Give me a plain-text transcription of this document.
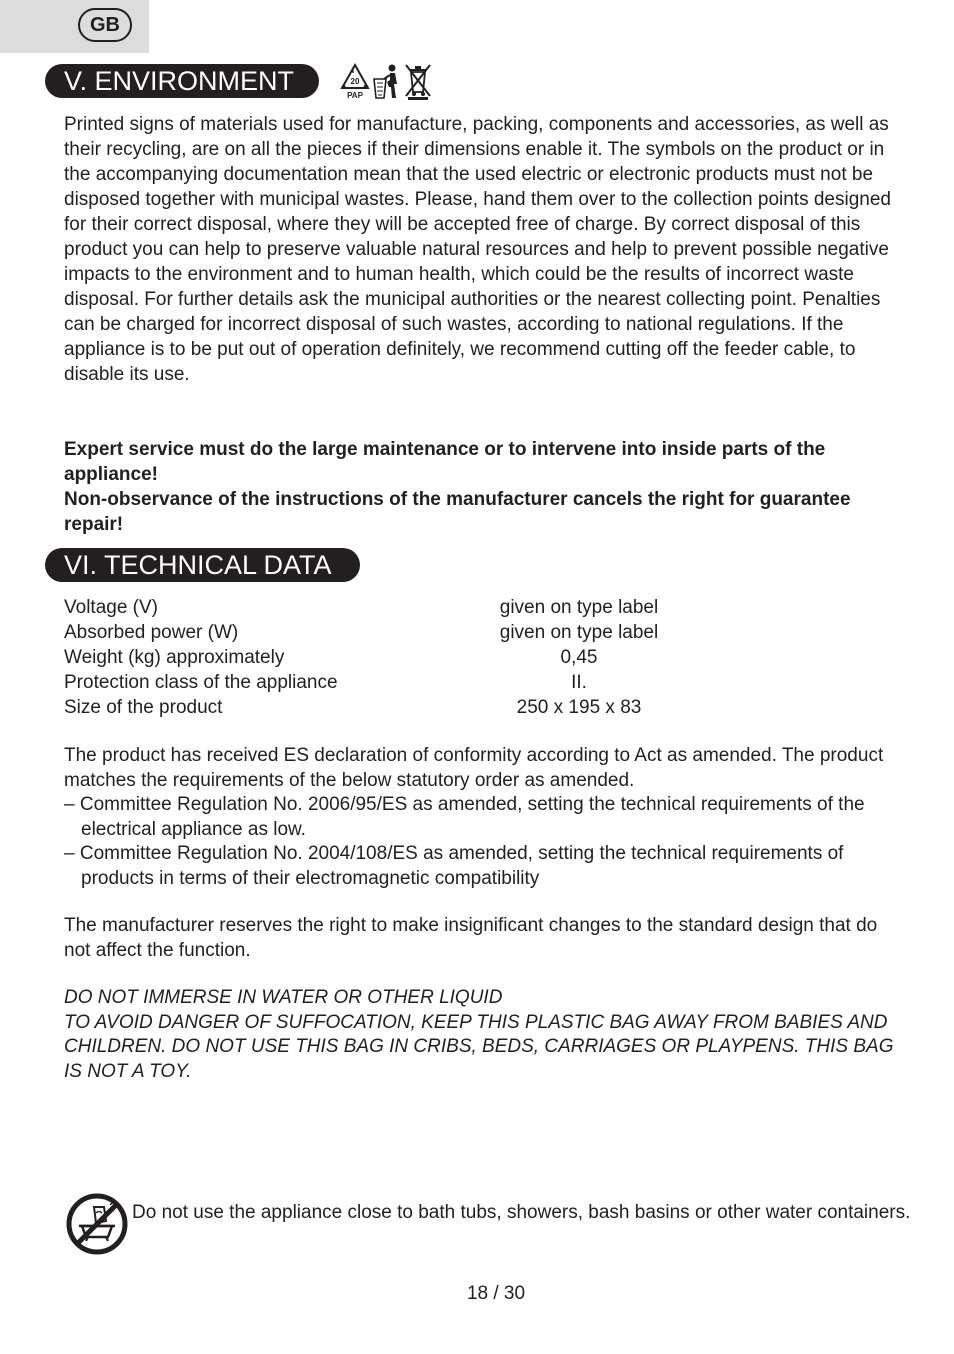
GB
V. ENVIRONMENT	20
PAP

Printed signs of materials used for manufacture, packing, components and accessories, as well as their recycling, are on all the pieces if their dimensions enable it. The symbols on the product or in the accompanying documentation mean that the used electric or electronic products must not be disposed together with municipal wastes. Please, hand them over to the collection points designed for their correct disposal, where they will be accepted free of charge. By correct disposal of this product you can help to preserve valuable natural resources and help to prevent possible negative impacts to the environment and to human health, which could be the results of incorrect waste disposal. For further details ask the municipal authorities or the nearest collecting point. Penalties can be charged for incorrect disposal of such wastes, according to national regulations. If the appliance is to be put out of operation definitely, we recommend cutting off the feeder cable, to disable its use.

Expert service must do the large maintenance or to intervene into inside parts of the appliance!
Non-observance of the instructions of the manufacturer cancels the right for guarantee repair!
VI. TECHNICAL DATA
Voltage (V)	given on type label
Absorbed power (W)	given on type label
Weight (kg) approximately	0,45
Protection class of the appliance	II.
Size of the product	250 x 195 x 83
The product has received ES declaration of conformity according to Act as amended. The product matches the requirements of the below statutory order as amended.
– Committee Regulation No. 2006/95/ES as amended, setting the technical requirements of the electrical appliance as low.
– Committee Regulation No. 2004/108/ES as amended, setting the technical requirements of products in terms of their electromagnetic compatibility

The manufacturer reserves the right to make insignificant changes to the standard design that do not affect the function.

DO NOT IMMERSE IN WATER OR OTHER LIQUID
TO AVOID DANGER OF SUFFOCATION, KEEP THIS PLASTIC BAG AWAY FROM BABIES AND CHILDREN. DO NOT USE THIS BAG IN CRIBS, BEDS, CARRIAGES OR PLAYPENS. THIS BAG IS NOT A TOY.

Do not use the appliance close to bath tubs, showers, bash basins or other water containers.

18 / 30
